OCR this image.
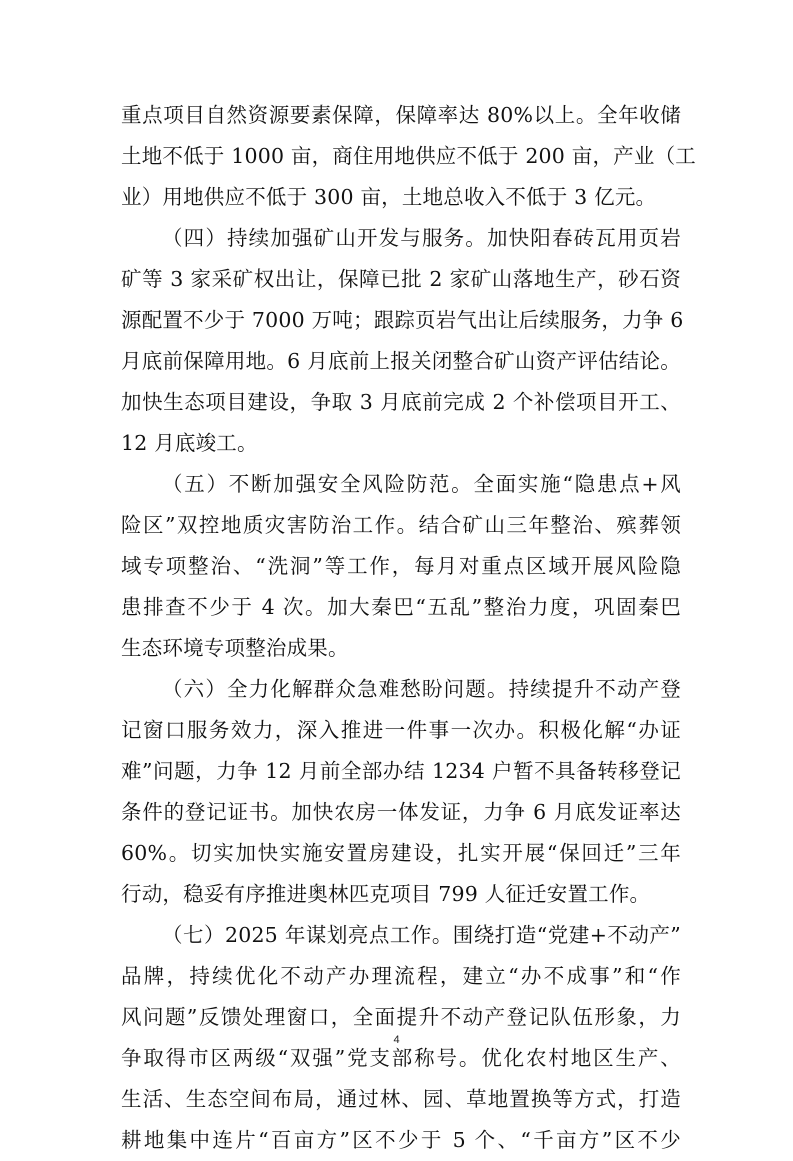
重点项目自然资源要素保障，保障率达 80%以上。全年收储
土地不低于 1000 亩，商住用地供应不低于 200 亩，产业（工
业）用地供应不低于 300 亩，土地总收入不低于 3 亿元。
（四）持续加强矿山开发与服务。加快阳春砖瓦用页岩
矿等 3 家采矿权出让，保障已批 2 家矿山落地生产，砂石资
源配置不少于 7000 万吨；跟踪页岩气出让后续服务，力争 6
月底前保障用地。6 月底前上报关闭整合矿山资产评估结论。
加快生态项目建设，争取 3 月底前完成 2 个补偿项目开工、
12 月底竣工。
（五）不断加强安全风险防范。全面实施“隐患点+风
险区”双控地质灾害防治工作。结合矿山三年整治、殡葬领
域专项整治、“洗洞”等工作，每月对重点区域开展风险隐
患排查不少于 4 次。加大秦巴“五乱”整治力度，巩固秦巴
生态环境专项整治成果。
（六）全力化解群众急难愁盼问题。持续提升不动产登
记窗口服务效力，深入推进一件事一次办。积极化解“办证
难”问题，力争 12 月前全部办结 1234 户暂不具备转移登记
条件的登记证书。加快农房一体发证，力争 6 月底发证率达
60%。切实加快实施安置房建设，扎实开展“保回迁”三年
行动，稳妥有序推进奥林匹克项目 799 人征迁安置工作。
（七）2025 年谋划亮点工作。围绕打造“党建+不动产”
品牌，持续优化不动产办理流程，建立“办不成事”和“作
风问题”反馈处理窗口，全面提升不动产登记队伍形象，力
争取得市区两级“双强”党支部称号。优化农村地区生产、
生活、生态空间布局，通过林、园、草地置换等方式，打造
耕地集中连片“百亩方”区不少于 5 个、“千亩方”区不少
4
